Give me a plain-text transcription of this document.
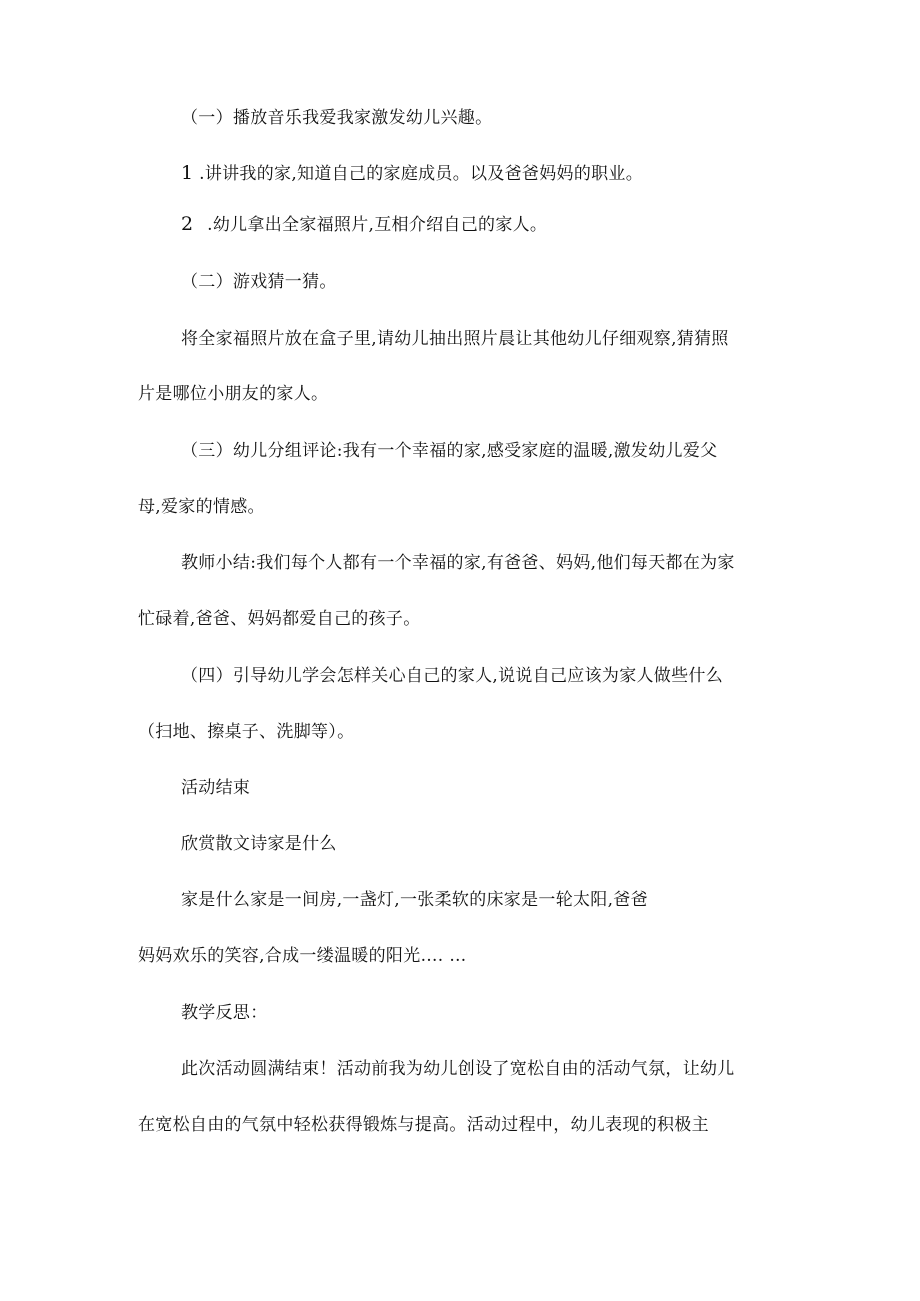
（一）播放音乐我爱我家激发幼儿兴趣。
1 .讲讲我的家,知道自己的家庭成员。以及爸爸妈妈的职业。
2 .幼儿拿出全家福照片,互相介绍自己的家人。
（二）游戏猜一猜。
将全家福照片放在盒子里,请幼儿抽出照片晨让其他幼儿仔细观察,猜猜照
片是哪位小朋友的家人。
（三）幼儿分组评论:我有一个幸福的家,感受家庭的温暖,激发幼儿爱父
母,爱家的情感。
教师小结:我们每个人都有一个幸福的家,有爸爸、妈妈,他们每天都在为家
忙碌着,爸爸、妈妈都爱自己的孩子。
（四）引导幼儿学会怎样关心自己的家人,说说自己应该为家人做些什么
（扫地、擦桌子、洗脚等）。
活动结束
欣赏散文诗家是什么
家是什么家是一间房,一盏灯,一张柔软的床家是一轮太阳,爸爸
妈妈欢乐的笑容,合成一缕温暖的阳光…. …
教学反思：
此次活动圆满结束！活动前我为幼儿创设了宽松自由的活动气氛，让幼儿
在宽松自由的气氛中轻松获得锻炼与提高。活动过程中，幼儿表现的积极主
